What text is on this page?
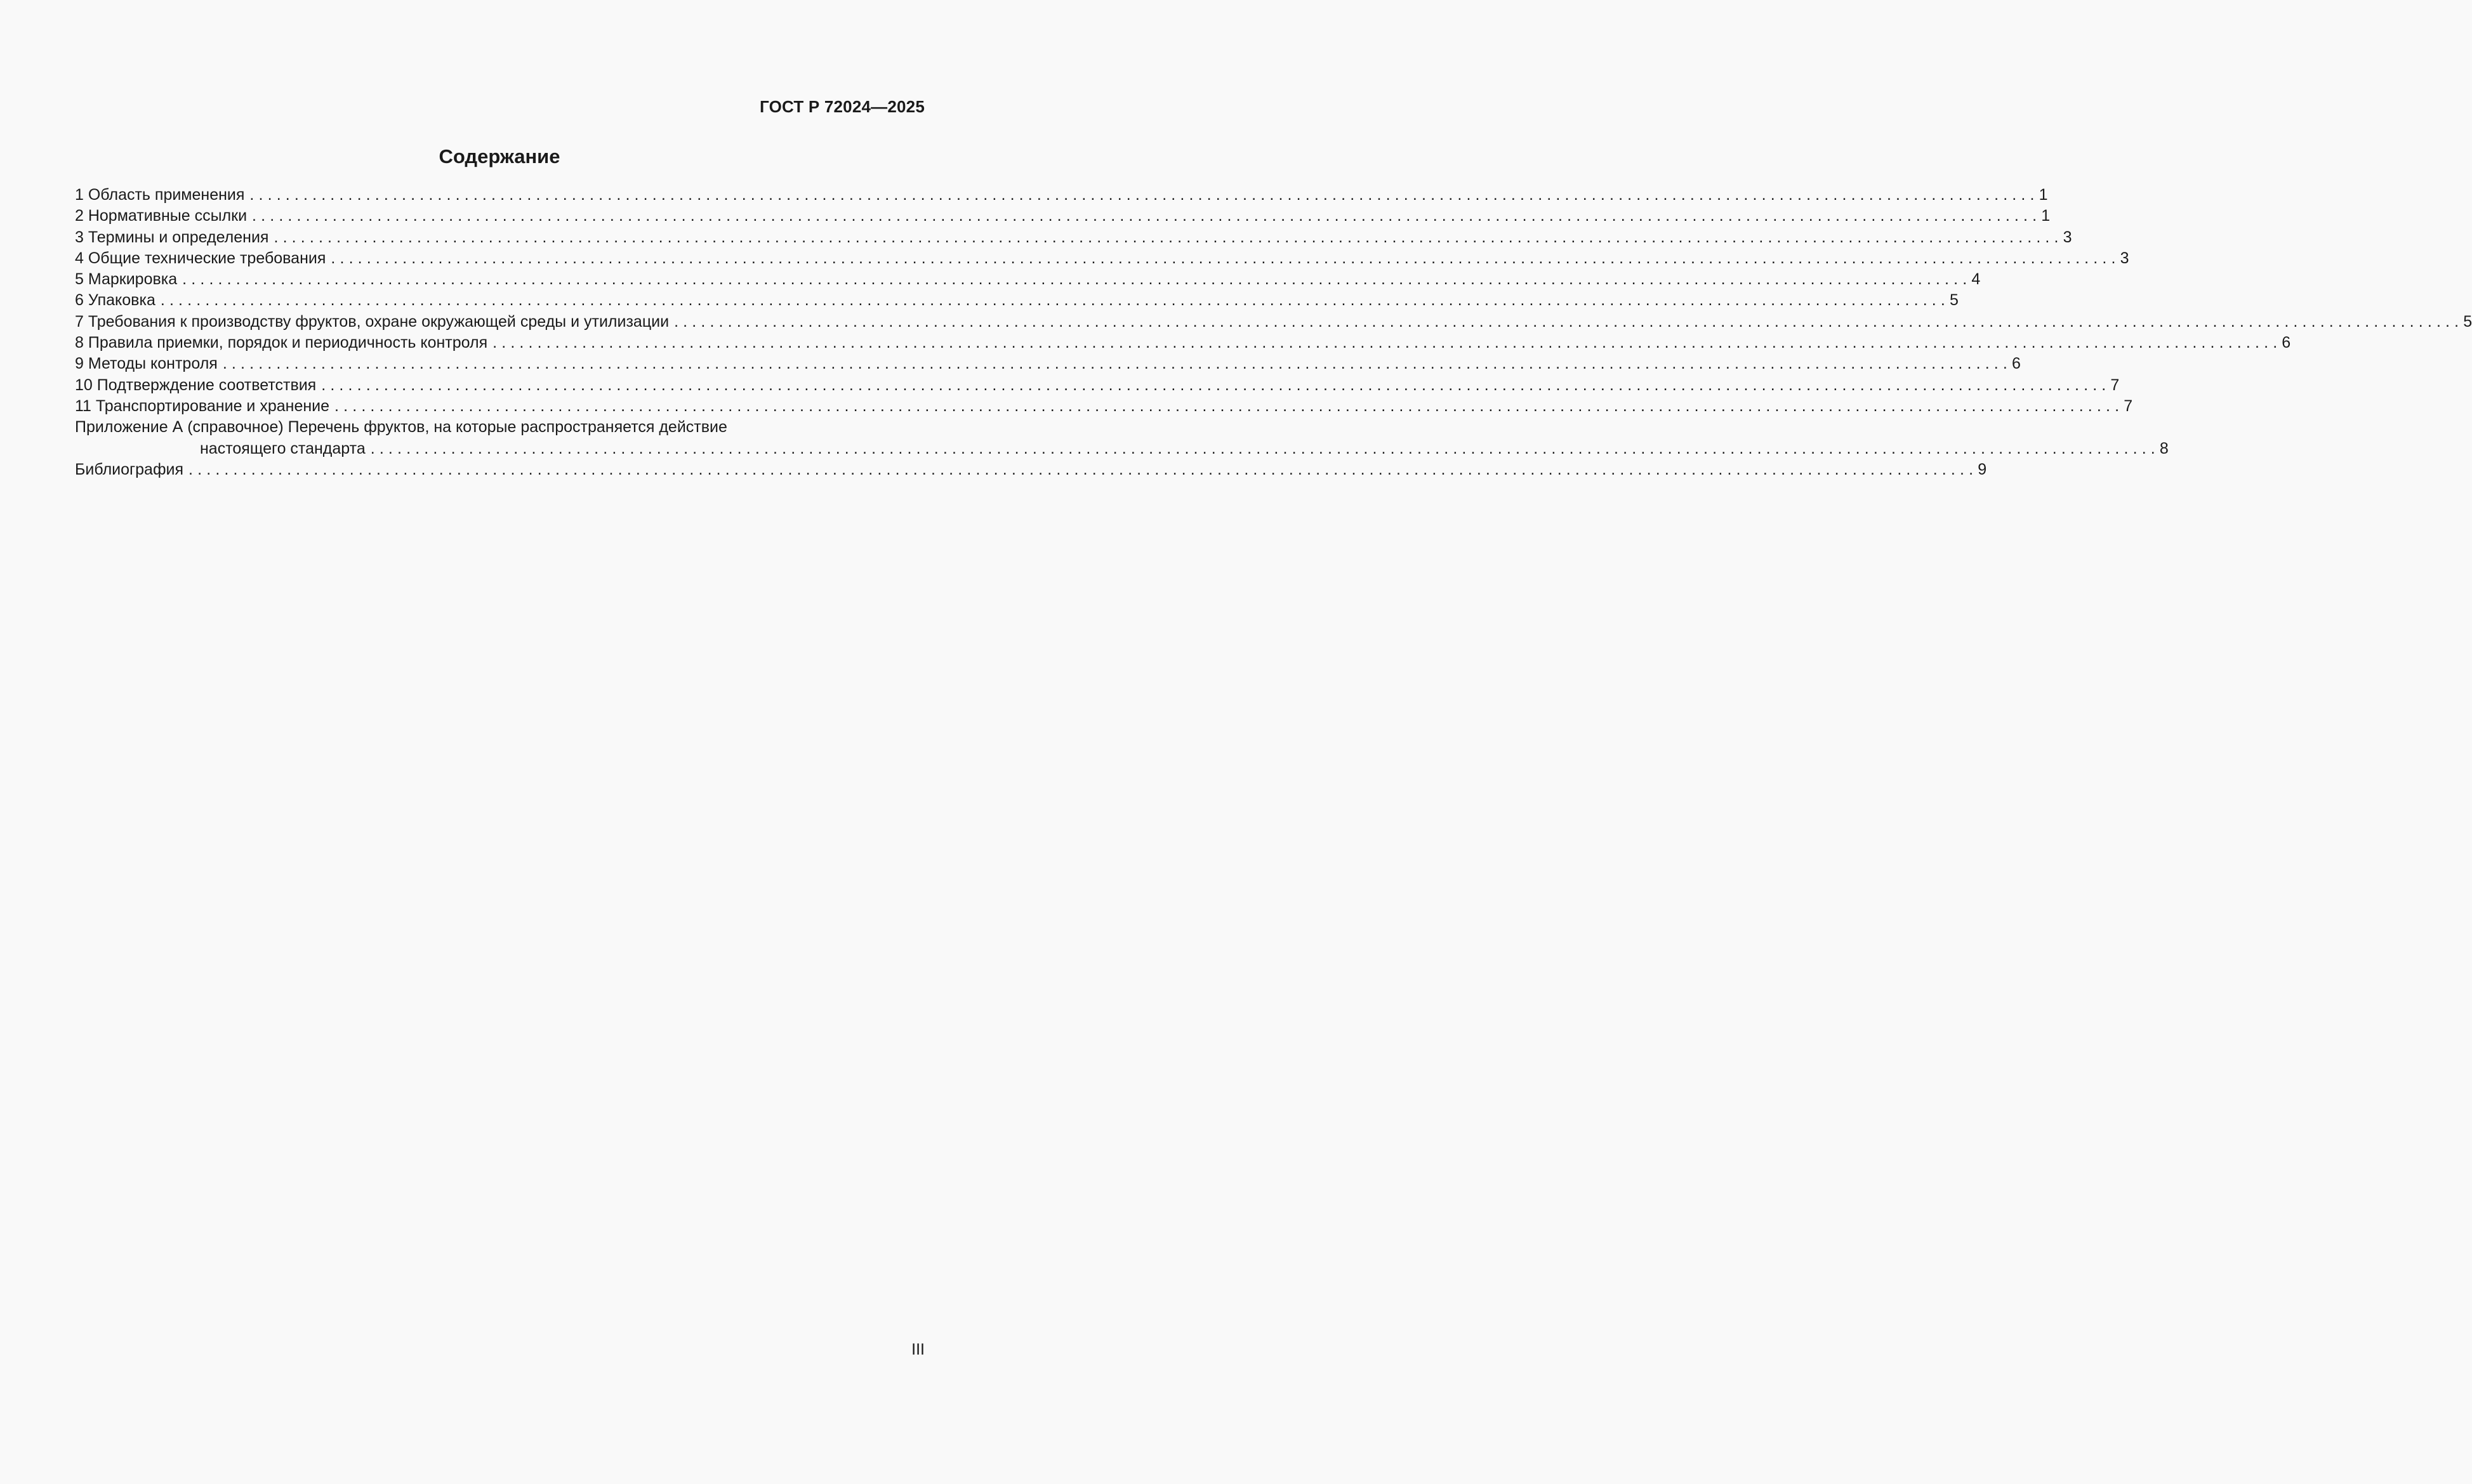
ГОСТ Р 72024—2025
Содержание
1 Область применения ........................................................................................................................................................................................................ 1
2 Нормативные ссылки ........................................................................................................................................................................................................ 1
3 Термины и определения ........................................................................................................................................................................................................ 3
4 Общие технические требования ........................................................................................................................................................................................................ 3
5 Маркировка ........................................................................................................................................................................................................ 4
6 Упаковка ........................................................................................................................................................................................................ 5
7 Требования к производству фруктов, охране окружающей среды и утилизации ........................................................................................................................................................................................................ 5
8 Правила приемки, порядок и периодичность контроля ........................................................................................................................................................................................................ 6
9 Методы контроля ........................................................................................................................................................................................................ 6
10 Подтверждение соответствия ........................................................................................................................................................................................................ 7
11 Транспортирование и хранение ........................................................................................................................................................................................................ 7
Приложение А (справочное) Перечень фруктов, на которые распространяется действие
настоящего стандарта ........................................................................................................................................................................................................ 8
Библиография ........................................................................................................................................................................................................ 9
III
